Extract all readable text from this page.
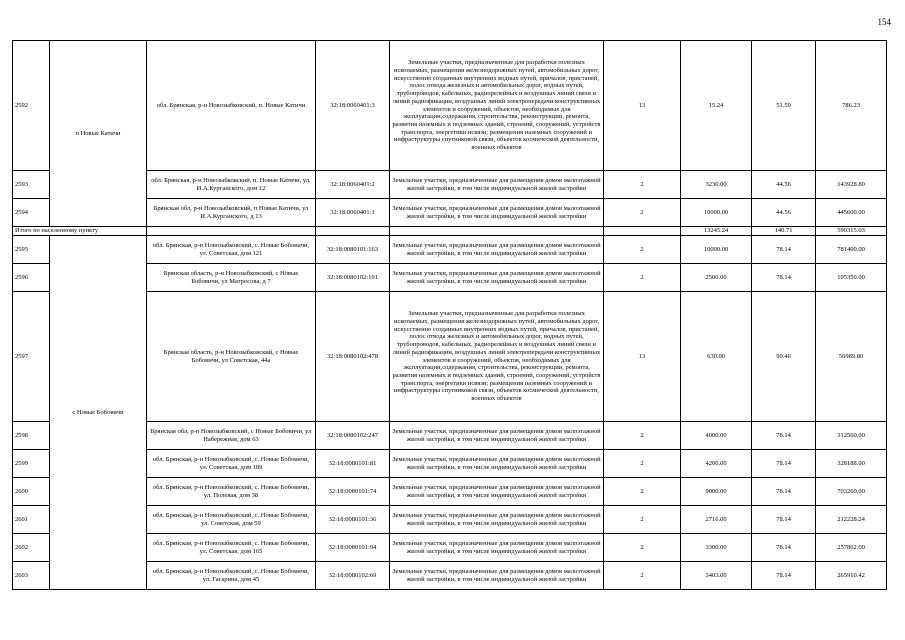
154
2592	п Новые Катичи	обл. Брянская, р-н Новозыбковский, п. Новые Катичи	32:18:0060401:3	Земельные участки, предназначенные для разработки полезных ископаемых, размещения железнодорожных путей, автомобильных дорог, искусственно созданных внутренних водных путей, причалов, пристаней, полос отвода железных и автомобильных дорог, водных путей, трубопроводов, кабельных, радиорелейных и воздушных линий связи и линий радиофикации, воздушных линий электропередачи конструктивных элементов и сооружений, объектов, необходимых для эксплуатации,содержания, строительства, реконструкции, ремонта, развития наземных и подземных зданий, строений, сооружений, устройств транспорта, энергетики исвязи; размещения наземных сооружений и инфраструктуры спутниковой связи, объектов космической деятельности, военных объектов	13	15.24	51.59	786.23
2593		обл. Брянская, р-н Новозыбковский, п. Новые Катичи, ул. И.А.Курганского, дом 12	32:18:0060401:2	Земельные участки, предназначенные для размещения домов малоэтажной жилой застройки, в том числе индивидуальной жилой застройки	2	3230.00	44.56	143928.80
2594		Брянская обл, р-н Новозыбковский, п Новые Катичи, ул И.А.Курганского, д 13	32:18:0060401:1	Земельные участки, предназначенные для размещения домов малоэтажной жилой застройки, в том числе индивидуальной жилой застройки	2	10000.00	44.56	445600.00
Итого по населенному пункту						13245.24	140.71	590315.03
2595	с Новые Бобовичи	обл. Брянская, р-н Новозыбковский, с. Новые Бобовичи, ул. Советская, дом 121	32:18:0080101:163	Земельные участки, предназначенные для размещения домов малоэтажной жилой застройки, в том числе индивидуальной жилой застройки	2	10000.00	78.14	781400.00
2596		Брянская область, р-н Новозыбковский, с Новые Бобовичи, ул Матросова, д 7	32:18:0080102:191	Земельные участки, предназначенные для размещения домов малоэтажной жилой застройки, в том числе индивидуальной жилой застройки	2	2500.00	78.14	195350.00
2597		Брянская область, р-н Новозыбковский, с Новые Бобовичи, ул Советская, 44а	32:18:0080102:478	Земельные участки, предназначенные для разработки полезных ископаемых, размещения железнодорожных путей, автомобильных дорог, искусственно созданных внутренних водных путей, причалов, пристаней, полос отвода железных и автомобильных дорог, водных путей, трубопроводов, кабельных, радиорелейных и воздушных линий связи и линий радиофикации, воздушных линий электропередачи конструктивных элементов и сооружений, объектов, необходимых для эксплуатации,содержания, строительства, реконструкции, ремонта, развития наземных и подземных зданий, строений, сооружений, устройств транспорта, энергетики исвязи; размещения наземных сооружений и инфраструктуры спутниковой связи, объектов космической деятельности, военных объектов	13	630.00	90.46	56989.80
2598		Брянская обл, р-н Новозыбковский, с Новые Бобовичи, ул Набережная, дом 63	32:18:0080102:247	Земельные участки, предназначенные для размещения домов малоэтажной жилой застройки, в том числе индивидуальной жилой застройки	2	4000.00	78.14	312560.00
2599		обл. Брянская, р-н Новозыбковский, с. Новые Бобовичи, ул. Советская, дом 189	32:18:0080101:81	Земельные участки, предназначенные для размещения домов малоэтажной жилой застройки, в том числе индивидуальной жилой застройки	2	4200.00	78.14	328188.00
2600		обл. Брянская, р-н Новозыбковский, с. Новые Бобовичи, ул. Полевая, дом 38	32:18:0080101:74	Земельные участки, предназначенные для размещения домов малоэтажной жилой застройки, в том числе индивидуальной жилой застройки	2	9000.00	78.14	703260.00
2601		обл. Брянская, р-н Новозыбковский, с. Новые Бобовичи, ул. Советская, дом 59	32:18:0080101:36	Земельные участки, предназначенные для размещения домов малоэтажной жилой застройки, в том числе индивидуальной жилой застройки	2	2716.00	78.14	212228.24
2602		обл. Брянская, р-н Новозыбковский, с. Новые Бобовичи, ул. Советская, дом 165	32:18:0080101:94	Земельные участки, предназначенные для размещения домов малоэтажной жилой застройки, в том числе индивидуальной жилой застройки	2	3300.00	78.14	257862.00
2603		обл. Брянская, р-н Новозыбковский, с. Новые Бобовичи, ул. Гагарина, дом 45	32:18:0080102:69	Земельные участки, предназначенные для размещения домов малоэтажной жилой застройки, в том числе индивидуальной жилой застройки	2	3403.00	78.14	265910.42
